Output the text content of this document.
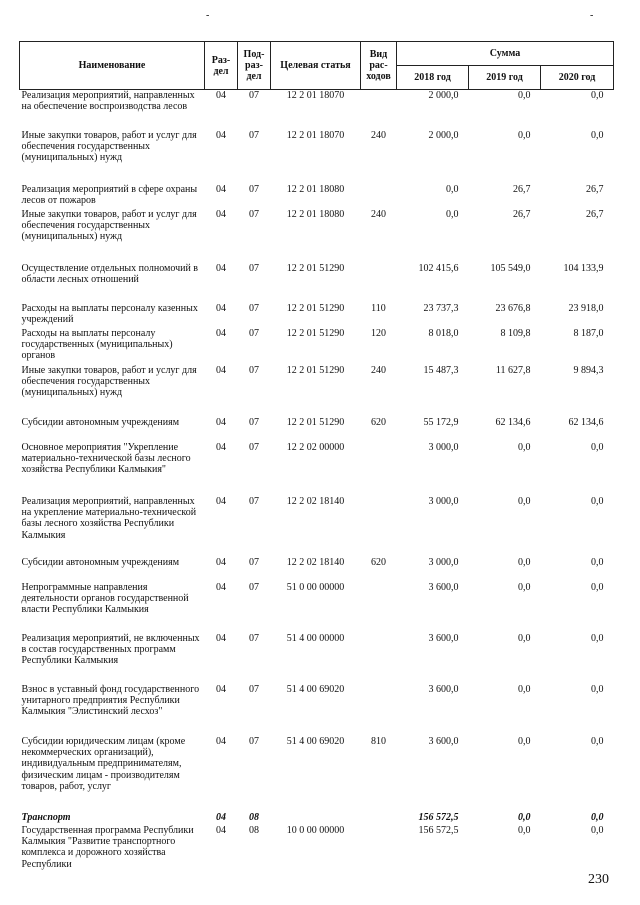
-	-
Наименование	Раз-дел	Под-раз-дел	Целевая статья	Вид рас-ходов	Сумма		
					2018 год	2019 год	2020 год
Реализация мероприятий, направленных на обеспечение воспроизводства лесов	04	07	12 2 01 18070		2 000,0	0,0	0,0
Иные закупки товаров, работ и услуг для обеспечения государственных (муниципальных) нужд	04	07	12 2 01 18070	240	2 000,0	0,0	0,0
Реализация мероприятий в сфере охраны лесов от пожаров	04	07	12 2 01 18080		0,0	26,7	26,7
Иные закупки товаров, работ и услуг для обеспечения государственных (муниципальных) нужд	04	07	12 2 01 18080	240	0,0	26,7	26,7
Осуществление отдельных полномочий в области лесных отношений	04	07	12 2 01 51290		102 415,6	105 549,0	104 133,9
Расходы на выплаты персоналу казенных учреждений	04	07	12 2 01 51290	110	23 737,3	23 676,8	23 918,0
Расходы на выплаты персоналу государственных (муниципальных) органов	04	07	12 2 01 51290	120	8 018,0	8 109,8	8 187,0
Иные закупки товаров, работ и услуг для обеспечения государственных (муниципальных) нужд	04	07	12 2 01 51290	240	15 487,3	11 627,8	9 894,3
Субсидии автономным учреждениям	04	07	12 2 01 51290	620	55 172,9	62 134,6	62 134,6
Основное мероприятия "Укрепление материально-технической базы лесного хозяйства Республики Калмыкия"	04	07	12 2 02 00000		3 000,0	0,0	0,0
Реализация мероприятий, направленных на укрепление материально-технической базы лесного хозяйства Республики Калмыкия	04	07	12 2 02 18140		3 000,0	0,0	0,0
Субсидии автономным учреждениям	04	07	12 2 02 18140	620	3 000,0	0,0	0,0
Непрограммные направления деятельности органов государственной власти Республики Калмыкия	04	07	51 0 00 00000		3 600,0	0,0	0,0
Реализация мероприятий, не включенных в состав государственных программ Республики Калмыкия	04	07	51 4 00 00000		3 600,0	0,0	0,0
Взнос в уставный фонд государственного унитарного предприятия Республики Калмыкия "Элистинский лесхоз"	04	07	51 4 00 69020		3 600,0	0,0	0,0
Субсидии юридическим лицам (кроме некоммерческих организаций), индивидуальным предпринимателям, физическим лицам - производителям товаров, работ, услуг	04	07	51 4 00 69020	810	3 600,0	0,0	0,0
Транспорт	04	08			156 572,5	0,0	0,0
Государственная программа Республики Калмыкия "Развитие транспортного комплекса и дорожного хозяйства Республики	04	08	10 0 00 00000		156 572,5	0,0	0,0
230
